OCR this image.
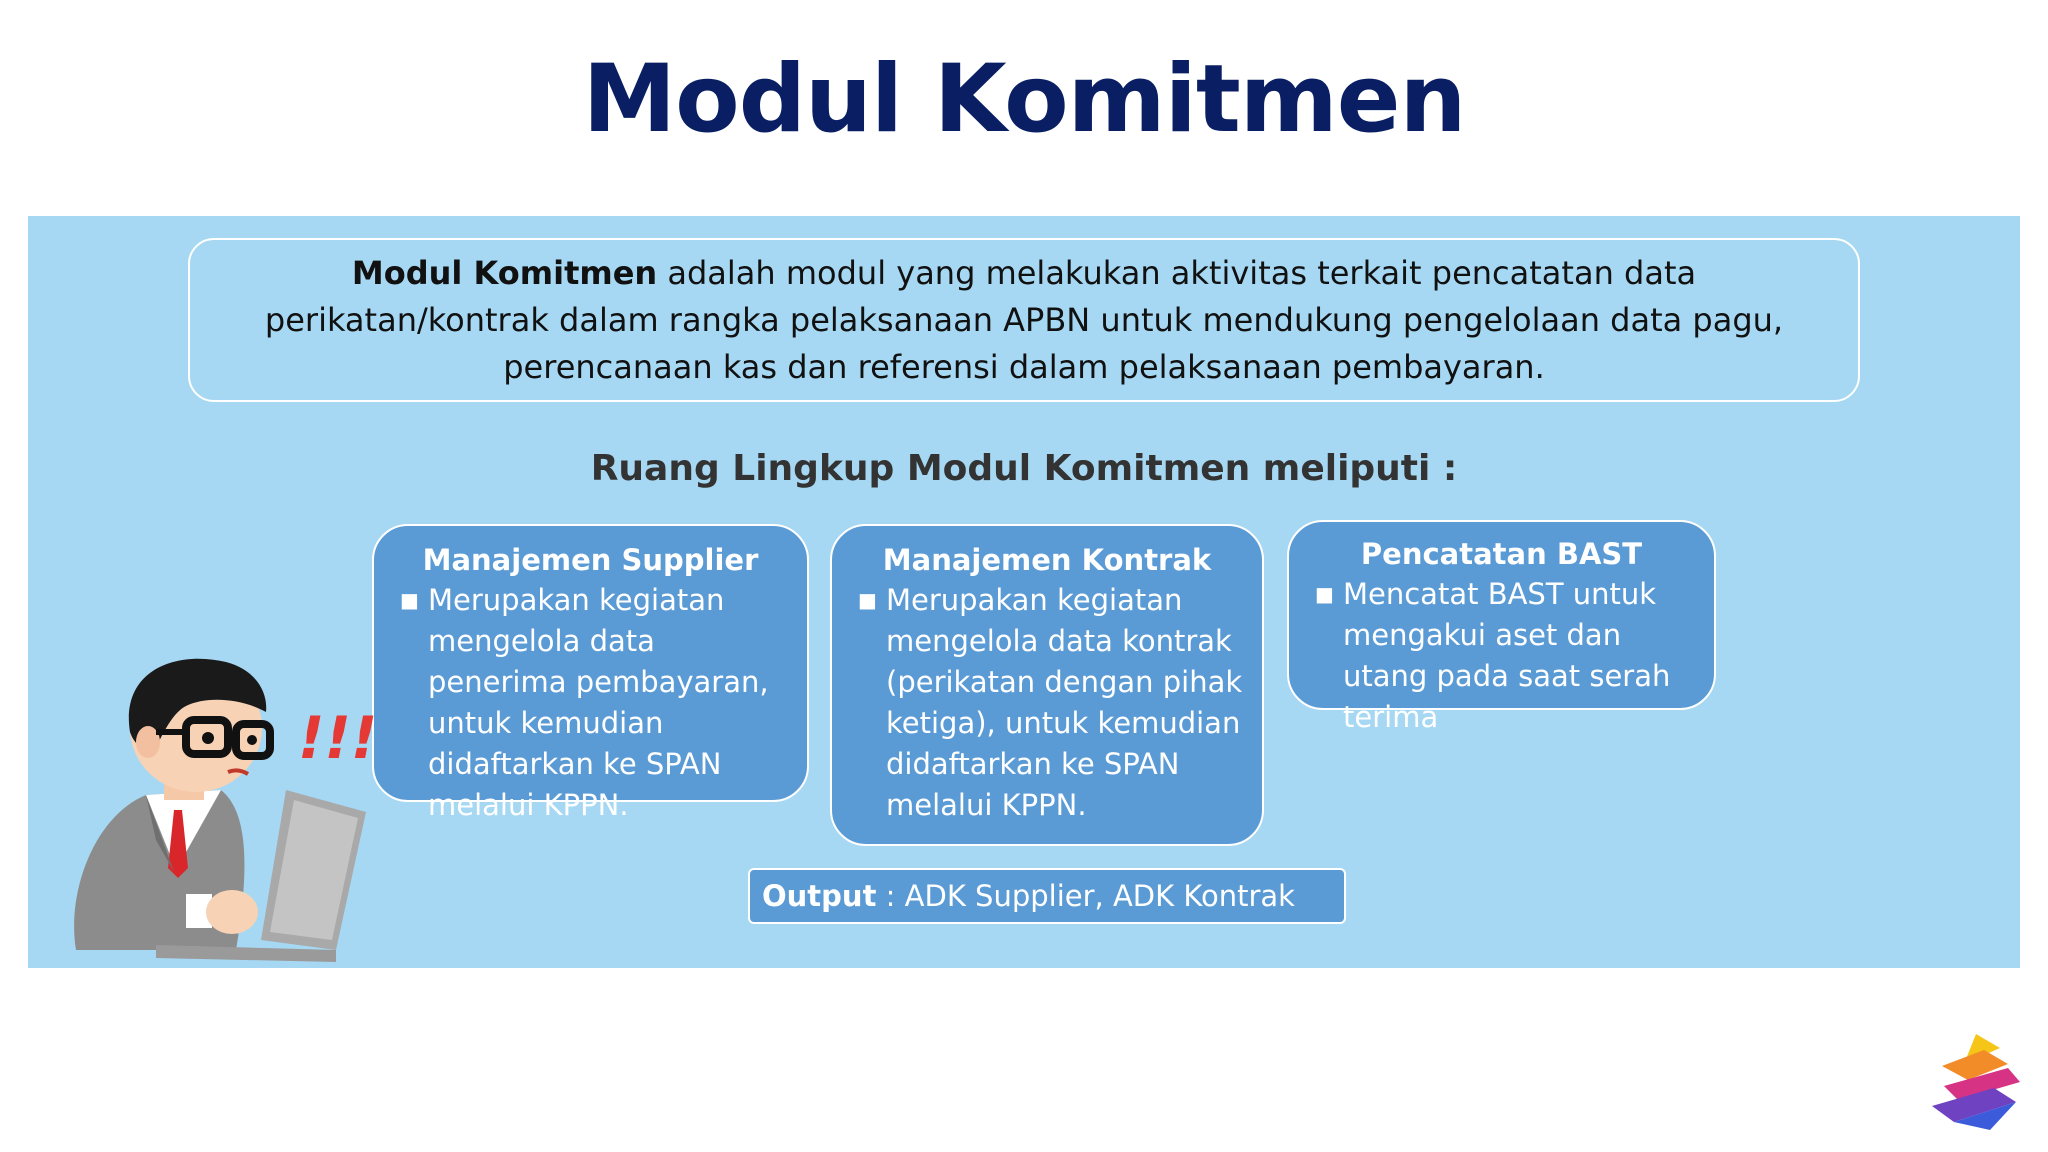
Modul Komitmen
Modul Komitmen adalah modul yang melakukan aktivitas terkait pencatatan data perikatan/kontrak dalam rangka pelaksanaan APBN untuk mendukung pengelolaan data pagu, perencanaan kas dan referensi dalam pelaksanaan pembayaran.
Ruang Lingkup Modul Komitmen meliputi :
Manajemen Supplier
■ Merupakan kegiatan mengelola data penerima pembayaran, untuk kemudian didaftarkan ke SPAN melalui KPPN.
Manajemen Kontrak
■ Merupakan kegiatan mengelola data kontrak (perikatan dengan pihak ketiga), untuk kemudian didaftarkan ke SPAN melalui KPPN.
Pencatatan BAST
■ Mencatat BAST untuk mengakui aset dan utang pada saat serah terima
Output : ADK Supplier, ADK Kontrak
!!!
